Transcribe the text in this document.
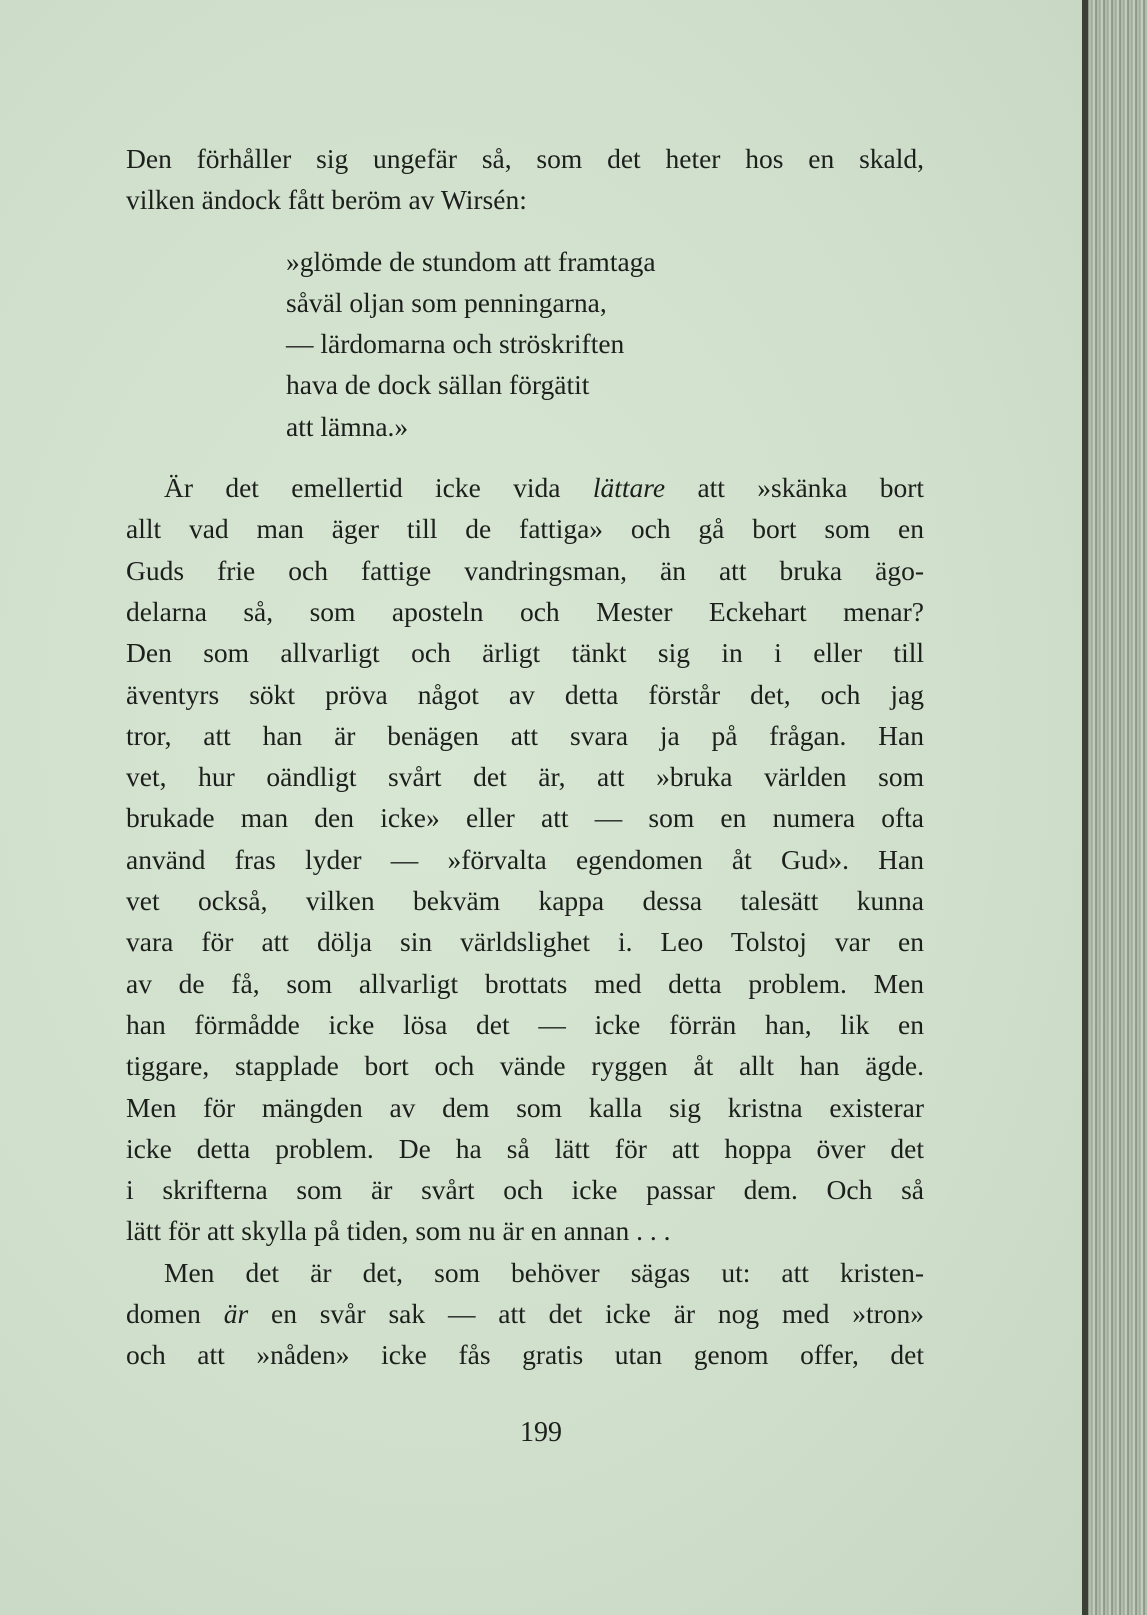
Den förhåller sig ungefär så, som det heter hos en skald,
vilken ändock fått beröm av Wirsén:

»glömde de stundom att framtaga
såväl oljan som penningarna,
— lärdomarna och ströskriften
hava de dock sällan förgätit
att lämna.»

Är det emellertid icke vida lättare att »skänka bort
allt vad man äger till de fattiga» och gå bort som en
Guds frie och fattige vandringsman, än att bruka ägo-
delarna så, som aposteln och Mester Eckehart menar?
Den som allvarligt och ärligt tänkt sig in i eller till
äventyrs sökt pröva något av detta förstår det, och jag
tror, att han är benägen att svara ja på frågan. Han
vet, hur oändligt svårt det är, att »bruka världen som
brukade man den icke» eller att — som en numera ofta
använd fras lyder — »förvalta egendomen åt Gud». Han
vet också, vilken bekväm kappa dessa talesätt kunna
vara för att dölja sin världslighet i. Leo Tolstoj var en
av de få, som allvarligt brottats med detta problem. Men
han förmådde icke lösa det — icke förrän han, lik en
tiggare, stapplade bort och vände ryggen åt allt han ägde.
Men för mängden av dem som kalla sig kristna existerar
icke detta problem. De ha så lätt för att hoppa över det
i skrifterna som är svårt och icke passar dem. Och så
lätt för att skylla på tiden, som nu är en annan . . .

Men det är det, som behöver sägas ut: att kristen-
domen är en svår sak — att det icke är nog med »tron»
och att »nåden» icke fås gratis utan genom offer, det

199
